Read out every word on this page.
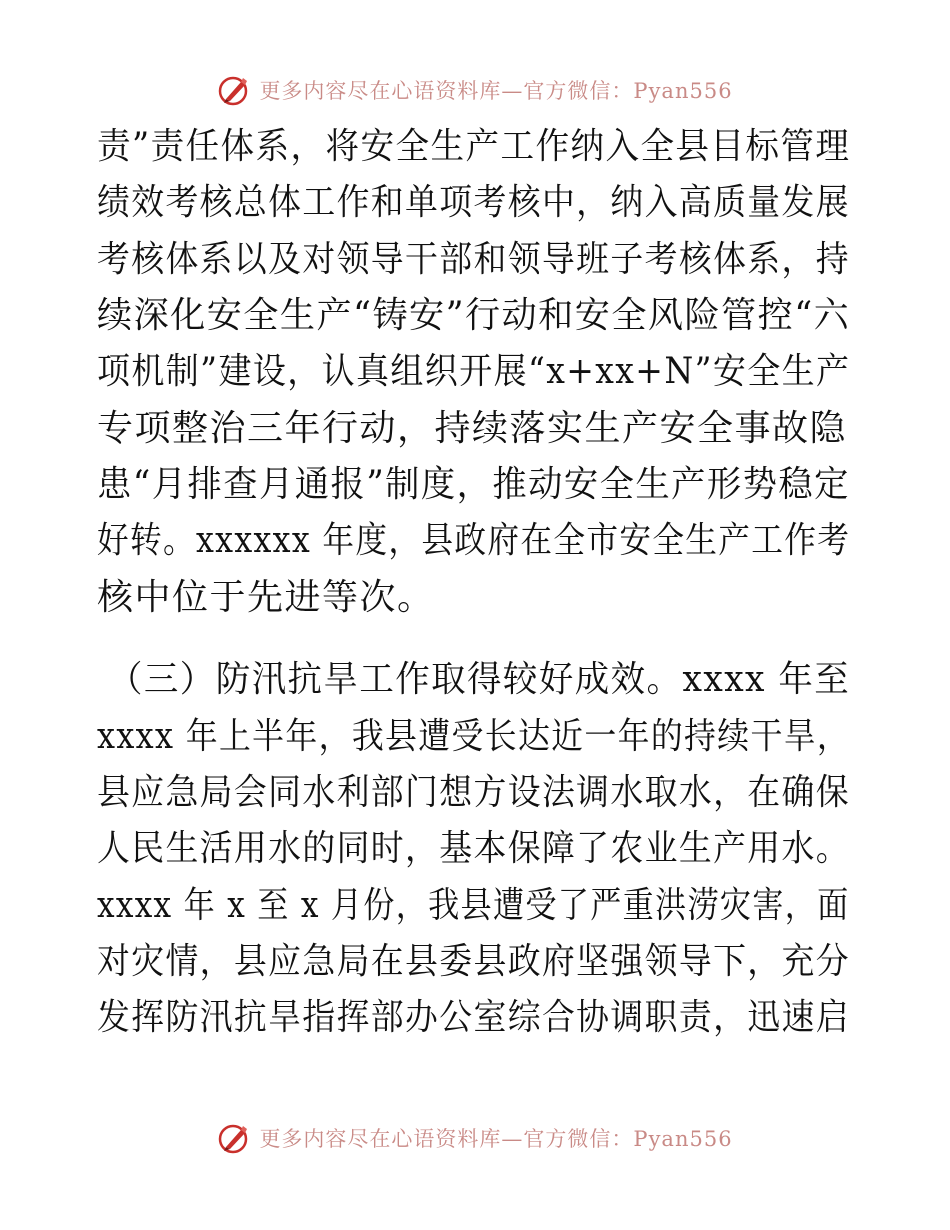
更多内容尽在心语资料库—官方微信：Pyan556
责”责任体系，将安全生产工作纳入全县目标管理
绩效考核总体工作和单项考核中，纳入高质量发展
考核体系以及对领导干部和领导班子考核体系，持
续深化安全生产“铸安”行动和安全风险管控“六
项机制”建设，认真组织开展“x+xx+N”安全生产
专项整治三年行动，持续落实生产安全事故隐
患“月排查月通报”制度，推动安全生产形势稳定
好转。xxxxxx 年度，县政府在全市安全生产工作考
核中位于先进等次。
（三）防汛抗旱工作取得较好成效。xxxx 年至
xxxx 年上半年，我县遭受长达近一年的持续干旱，
县应急局会同水利部门想方设法调水取水，在确保
人民生活用水的同时，基本保障了农业生产用水。
xxxx 年 x 至 x 月份，我县遭受了严重洪涝灾害，面
对灾情，县应急局在县委县政府坚强领导下，充分
发挥防汛抗旱指挥部办公室综合协调职责，迅速启
更多内容尽在心语资料库—官方微信：Pyan556
